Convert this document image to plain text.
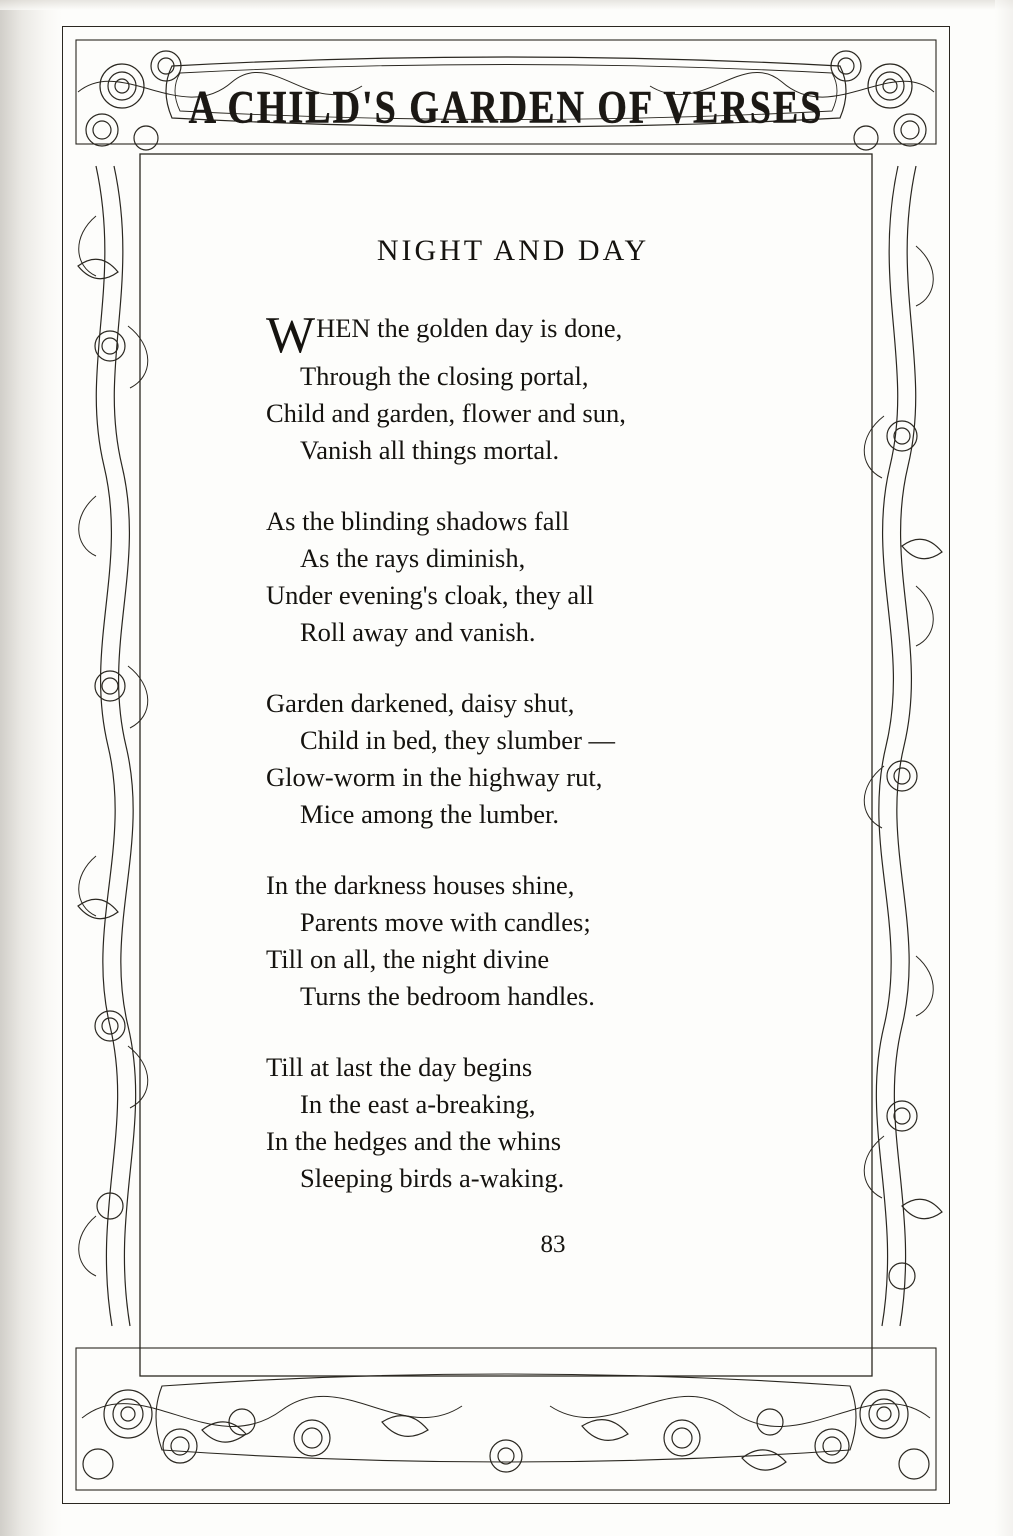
A CHILD'S GARDEN OF VERSES
NIGHT AND DAY
W HEN the golden day is done,
Through the closing portal,
Child and garden, flower and sun,
Vanish all things mortal.
As the blinding shadows fall
As the rays diminish,
Under evening's cloak, they all
Roll away and vanish.
Garden darkened, daisy shut,
Child in bed, they slumber —
Glow-worm in the highway rut,
Mice among the lumber.
In the darkness houses shine,
Parents move with candles;
Till on all, the night divine
Turns the bedroom handles.
Till at last the day begins
In the east a-breaking,
In the hedges and the whins
Sleeping birds a-waking.
83
